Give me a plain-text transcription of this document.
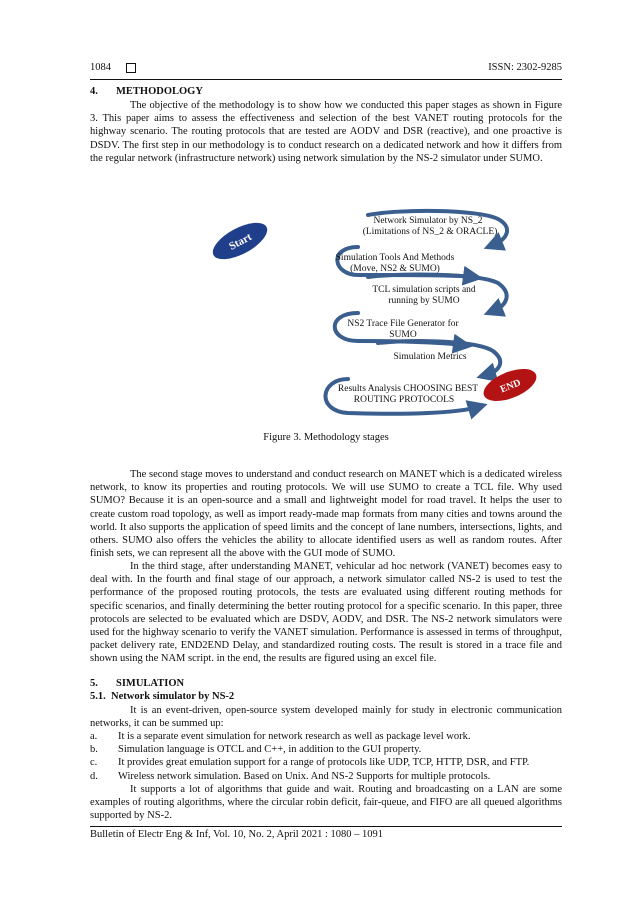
1084	ISSN: 2302-9285
4. METHODOLOGY
The objective of the methodology is to show how we conducted this paper stages as shown in Figure 3. This paper aims to assess the effectiveness and selection of the best VANET routing protocols for the highway scenario. The routing protocols that are tested are AODV and DSR (reactive), and one proactive is DSDV. The first step in our methodology is to conduct research on a dedicated network and how it differs from the regular network (infrastructure network) using network simulation by the NS-2 simulator under SUMO.
Start
END
Network Simulator by NS_2
(Limitations of NS_2 & ORACLE)
Simulation Tools And Methods
(Move, NS2 & SUMO)
TCL simulation scripts and
running by SUMO
NS2 Trace File Generator for
SUMO
Simulation Metrics
Results Analysis CHOOSING BEST
ROUTING PROTOCOLS
Figure 3. Methodology stages
The second stage moves to understand and conduct research on MANET which is a dedicated wireless network, to know its properties and routing protocols. We will use SUMO to create a TCL file. Why used SUMO? Because it is an open-source and a small and lightweight model for road travel. It helps the user to create custom road topology, as well as import ready-made map formats from many cities and towns around the world. It also supports the application of speed limits and the concept of lane numbers, intersections, lights, and others. SUMO also offers the vehicles the ability to allocate identified users as well as random routes. After finish sets, we can represent all the above with the GUI mode of SUMO.
In the third stage, after understanding MANET, vehicular ad hoc network (VANET) becomes easy to deal with. In the fourth and final stage of our approach, a network simulator called NS-2 is used to test the performance of the proposed routing protocols, the tests are evaluated using different routing methods for specific scenarios, and finally determining the better routing protocol for a specific scenario. In this paper, three protocols are selected to be evaluated which are DSDV, AODV, and DSR. The NS-2 network simulators were used for the highway scenario to verify the VANET simulation. Performance is assessed in terms of throughput, packet delivery rate, END2END Delay, and standardized routing costs. The result is stored in a trace file and shown using the NAM script. in the end, the results are figured using an excel file.
5. SIMULATION
5.1. Network simulator by NS-2
It is an event-driven, open-source system developed mainly for study in electronic communication networks, it can be summed up:
a.	It is a separate event simulation for network research as well as package level work.
b.	Simulation language is OTCL and C++, in addition to the GUI property.
c.	It provides great emulation support for a range of protocols like UDP, TCP, HTTP, DSR, and FTP.
d.	Wireless network simulation. Based on Unix. And NS-2 Supports for multiple protocols.
It supports a lot of algorithms that guide and wait. Routing and broadcasting on a LAN are some examples of routing algorithms, where the circular robin deficit, fair-queue, and FIFO are all queued algorithms supported by NS-2.
Bulletin of Electr Eng & Inf, Vol. 10, No. 2, April 2021 : 1080 – 1091
